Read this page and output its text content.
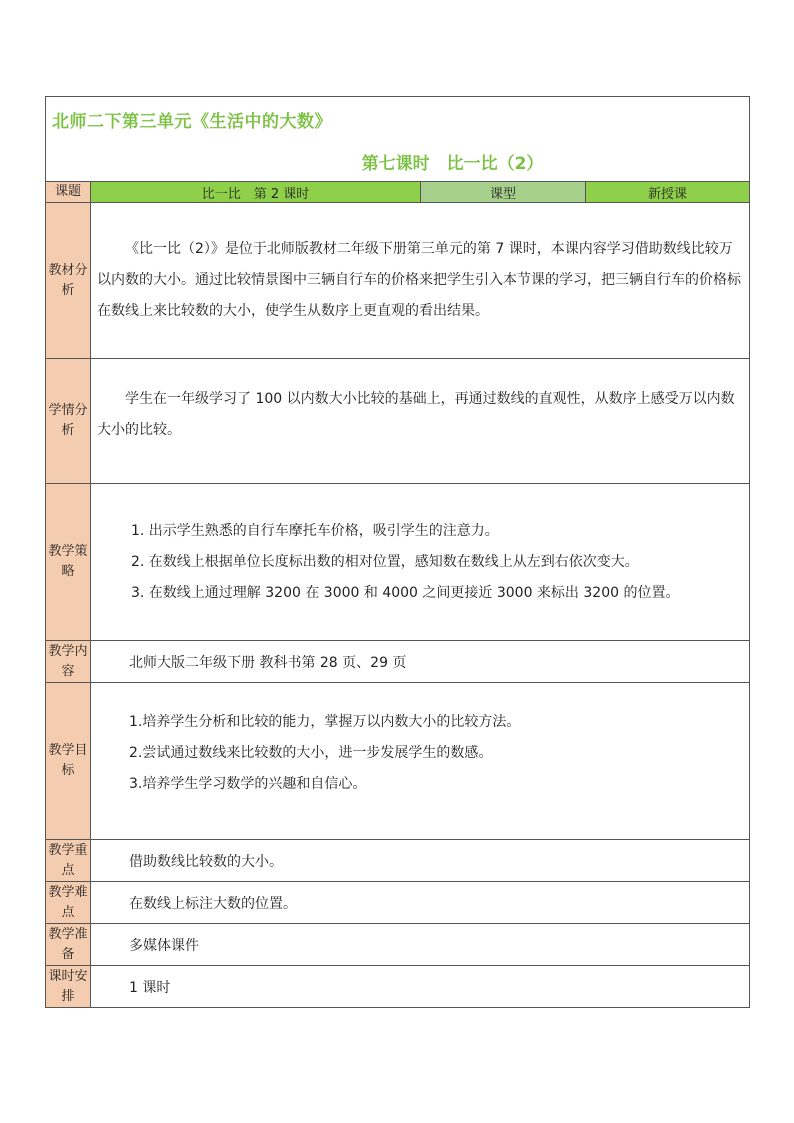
北师二下第三单元《生活中的大数》
第七课时　比一比（2）			

课题	比一比　第 2 课时	课型	新授课
教材分析	《比一比（2）》是位于北师版教材二年级下册第三单元的第 7 课时，本课内容学习借助数线比较万以内数的大小。通过比较情景图中三辆自行车的价格来把学生引入本节课的学习，把三辆自行车的价格标在数线上来比较数的大小，使学生从数序上更直观的看出结果。		

学情分析	学生在一年级学习了 100 以内数大小比较的基础上，再通过数线的直观性，从数序上感受万以内数大小的比较。		

教学策略	1. 出示学生熟悉的自行车摩托车价格，吸引学生的注意力。

2. 在数线上根据单位长度标出数的相对位置，感知数在数线上从左到右依次变大。

3. 在数线上通过理解 3200 在 3000 和 4000 之间更接近 3000 来标出 3200 的位置。		

教学内容	北师大版二年级下册 教科书第 28 页、29 页		
教学目标	1.培养学生分析和比较的能力，掌握万以内数大小的比较方法。

2.尝试通过数线来比较数的大小，进一步发展学生的数感。

3.培养学生学习数学的兴趣和自信心。		

教学重点	借助数线比较数的大小。		
教学难点	在数线上标注大数的位置。		
教学准备	多媒体课件		
课时安排	1 课时		
